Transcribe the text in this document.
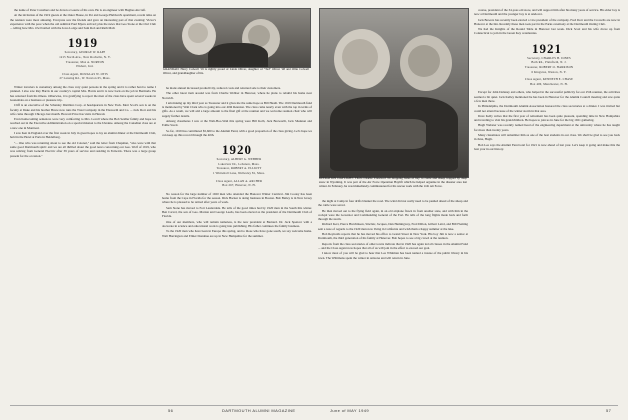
the name of Peter Carothers and be drawn a Gourte of his own. He is an engineer with Hughes Aircraft.

At the invitation of the 1919 guests at the Outer House, in Pot and George Hubbard's apartment, recent talks on the reunion were most amusing. Everyone saw the friends and gave an interesting part of that evening: Victor's experience with the pace when the old Admiral Paul Myers arrived; plus the news that Geo Stone at the Owl Club ... telling how Mrs. Owl battled with the Iowa Lodge and Sam Rob and Ruth Mall.

1919

Secretary, GEORGE W. RAPP

1215 North Ave., New Rochelle, N. Y.

Treasurer, Max A. NORTON

Elkhart, Ind.

Class Agent, DOUGLAS W. OTIS

27 Lansing Rd., W. Newton 65, Mass.

Winter travelers is customary among the class very quiet persons in the spring and it is rather hard to name I planned. I also saw Ray Harris in our country's capital Mrs. Harris and it is now back on the job in Bermuda. He has returned from his illness. Otherwise, it is gratifying to report the men of the class have spent several weeks in Guatemala on a business or pleasure trip.

Cliff is an executive of the Schenley Distillers Corp. at headquarters in New York. Mert Scott's son is on the faculty at Duke and his brother Bruce now runs the Trust Company in the Ensworth and Co. ... Jack Dorr and his wife came through Chicago last month. Howard Price has visits in Hawaii.

Even homecoming sentences were very comforting to Mrs. Lovell where the Bob Seidler family and hope we reached out in the Executive Administration on a special mission to the Ukraine. Among the Canadian class are at a new one in Montreal.

I saw Ken in England over the first week in July in great hopes to lay an alumni dinner at the Dartmouth Club, held in the Hotel at Paris in Heidelberg.

"... One who was returning about to see the old Colonel," said the letter from Chapman, "also were with that same good Dartmouth spirit: and we are all thrilled about the good news concerning our Geo. Wolf of 1919, who was retiring from General Electric after 39 years of service and residing in Fenwick. There was a large group present for the occasion."

GRANDAD: Harry Colwell '19 is rightly proud of Linda Oliver, daughter of "Ted" Oliver '48 and Ollie Colwell Oliver, and granddaughter of his.

he made annual increased productivity, reduced costs and returned sale to their customers.

The other latest item around was from Charlie Webber in Hanover, where he plans to rebuild his home near Norwich.

I am making up my third year as Treasurer and it gives me the same hope as Bill Heath. The 1919 Dartmouth fund is mentioned by Walt Clark who is going into our 40th Reunion. The class came nearly even with the top in terms of gifts. As a result, we will add a large amount to the final gift at the reunion and we welcome reunion chair who will supply further details.

Among classmates I saw at the Wah-Hoo-Wah this spring were Bill Kolb, Jack Bosworth, Jack Shannon and Eddie Swett.

So far, 1919 has contributed $5,600 to the Alumni Fund, with a good proportion of the class giving. Let's hope we can keep up this record through the 40th.

1920

Secretary, ALBERT G. WEBBER

Lakeview Dr., Lebanon, Mass.

Treasurer, ROBERT A. ELLIOTT

1 Whitehall Lane, Wellesley 81, Mass.

Class Agent, ALLAN A. ARCHER

Box 267, Hanover, N. H.

No reason for the large number of 1920 men who attended the Hanover Winter Carnival. Jim Cooley has been home from the Cape in Florida for the season. Dick Hacker is doing business in Boston. Bob Bailey is in New Jersey where he is pleased to be retired after years of work.

Sam Stone has moved to Fort Lauderdale. He tells of the good times had by 1920 men in the South this winter. Ben Carvel, the son of Geo. Marion and George Leeds, has been elected as the president of the Dartmouth Club of Florida.

One of our members, who will remain nameless, is the new president at Barnard. Dr. Jack Spencer with a doctorate in science and educational work is going into publishing. His father continues the family business.

To the 1920 men who have been in Europe this spring, and to those who have gone south, we say welcome home. Walt Harrington and Elmer Donahue are up in New Hampshire for the summer.

OPERATION DAYLIGHT: That's Charlie Crawford '20 dropping bales of hay to cattle and sheep trapped by deep snow in Wyoming. It was part of the Air Force Operation Haylift which he helped organize in the disaster area last winter. In February, he was immediately commissioned for his rescue work with the 11th Air Force.

the night at Camp in four drifts blanket the road. The wind did not really need to be pushed ahead of the sheep and the cattle were saved.

He then moved out to the flying field again, in an old airplane flown in from another state, and with him in the cockpit were the Governor and Commanding General of the Fort. He tells of the long flights made back and forth through the storm.

Richard Kerr, Pierce Hutchinson, Sinclair, Jacques, Dan Hemingway, Fred Dillon, Gilbert Laird, and Bill Fleming sent a note of regards to the 1920 men now living in California and wish them a happy summer at the lake.

Bob Reynolds reports that he has moved his office to Grand Street in New York. His boy Jim is now a senior at Dartmouth, the third generation of his family at Hanover. Bob hopes to see a big crowd at the reunion.

Reports from the class secretaries of other towns indicate that in 1920 has again led all classes in the Alumni Fund ... and the Class Agent now hopes that all of us will join in the effort to exceed our goal.

I know most of you will be glad to hear that Lee Whitman has been named a trustee of the public library in his town. The Whitmans spent the winter in Arizona and will return in June.

course, president of the 34-year-old store, and will support him after his many years of service. His elder boy is now at Dartmouth and the younger boy is at Andover.

Jack Bowers has recently been elected a vice president of the company. Fred Dorr and the Crowells are now in Hanover at the Inn. Recently these men took part in the Parks ceremony at the Dartmouth Outing Club.

We had the Knights of the Round Table in Hanover last week. Dick Scott and his wife drove up from Connecticut to join in the Green Key ceremonies.

1921

Secretary, CHARLES H. JONES

Bath Rd., Plainfield, N. J.

Treasurer, ROBERT O. HARRISON

6 Kingston, Weston, N. Y.

Class Agent, KENNETH E. CHASE

Box 400, Manchester, N. H.

Except for John Delaney and others, who helped in the successful publicity for our 25th reunion, the activities seemed a bit quiet. Jack Kelley mentioned he has been in Hanover for the Alumni Council meeting and saw quite a few men there.

In Philadelphia, the Dartmouth Alumni Association honored the class secretaries at a dinner. I was invited but could not attend because of the winter storm in that area.

Dave Kelly writes that the first year of retirement has been quite pleasant, spending time in New Hampshire and traveling to visit his grandchildren. He hopes to join us in June for the big 1921 gathering.

Hugh Webster was recently named head of the engineering department at the university where he has taught for more than twenty years.

Many classmates will remember him as one of the best students in our class. We shall be glad to see you back in June, Hugh.

Bob Lee says the Alumni Fund total for 1921 is now ahead of last year. Let's keep it going and make this the best year in our history.

56	DARTMOUTH ALUMNI MAGAZINE	June of MAY 1949	57
